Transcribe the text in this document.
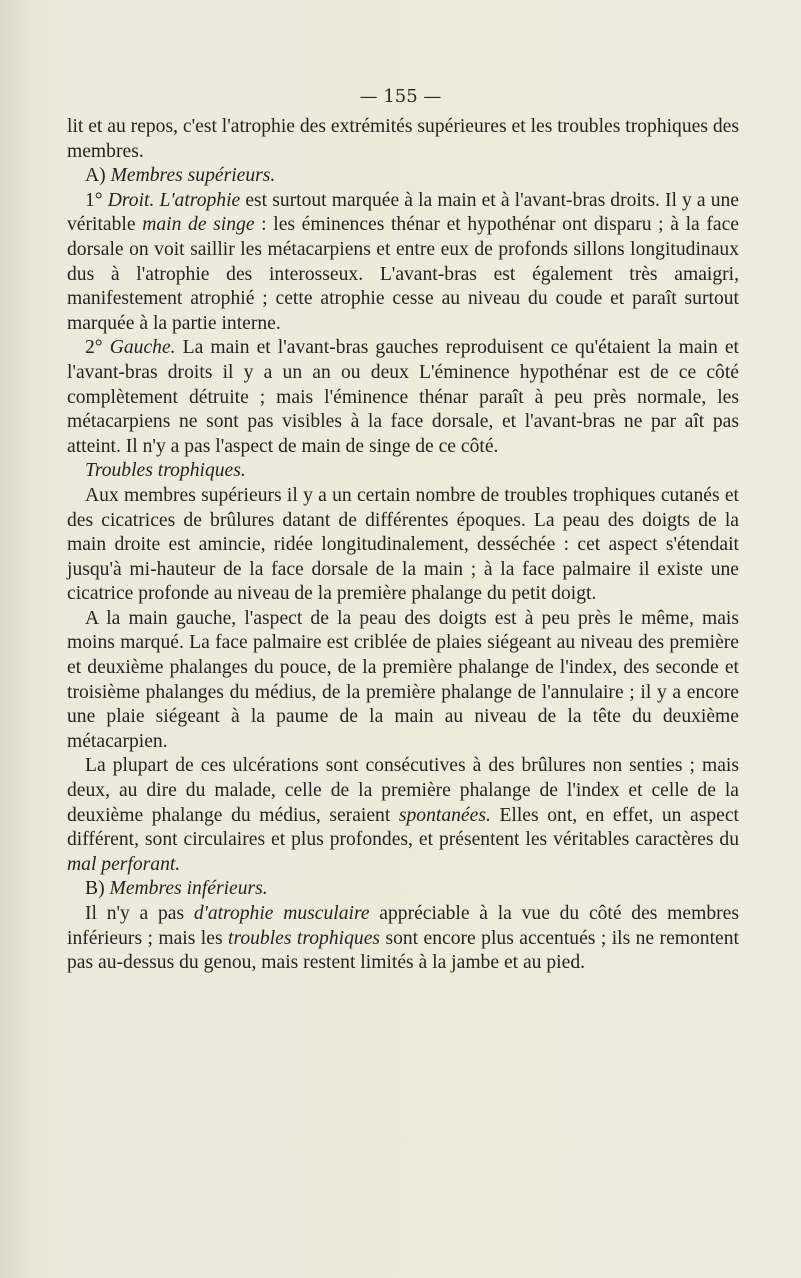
— 155 —

lit et au repos, c'est l'atrophie des extrémités supérieures et les troubles trophiques des membres.

A) Membres supérieurs.

1° Droit. L'atrophie est surtout marquée à la main et à l'avant-bras droits. Il y a une véritable main de singe : les éminences thénar et hypothénar ont disparu ; à la face dorsale on voit saillir les métacarpiens et entre eux de profonds sillons longitudinaux dus à l'atrophie des interosseux. L'avant-bras est également très amaigri, manifestement atrophié ; cette atrophie cesse au niveau du coude et paraît surtout marquée à la partie interne.

2° Gauche. La main et l'avant-bras gauches reproduisent ce qu'étaient la main et l'avant-bras droits il y a un an ou deux L'éminence hypothénar est de ce côté complètement détruite ; mais l'éminence thénar paraît à peu près normale, les métacarpiens ne sont pas visibles à la face dorsale, et l'avant-bras ne par aît pas atteint. Il n'y a pas l'aspect de main de singe de ce côté.

Troubles trophiques.

Aux membres supérieurs il y a un certain nombre de troubles trophiques cutanés et des cicatrices de brûlures datant de différentes époques. La peau des doigts de la main droite est amincie, ridée longitudinalement, desséchée : cet aspect s'étendait jusqu'à mi-hauteur de la face dorsale de la main ; à la face palmaire il existe une cicatrice profonde au niveau de la première phalange du petit doigt.

A la main gauche, l'aspect de la peau des doigts est à peu près le même, mais moins marqué. La face palmaire est criblée de plaies siégeant au niveau des première et deuxième phalanges du pouce, de la première phalange de l'index, des seconde et troisième phalanges du médius, de la première phalange de l'annulaire ; il y a encore une plaie siégeant à la paume de la main au niveau de la tête du deuxième métacarpien.

La plupart de ces ulcérations sont consécutives à des brûlures non senties ; mais deux, au dire du malade, celle de la première phalange de l'index et celle de la deuxième phalange du médius, seraient spontanées. Elles ont, en effet, un aspect différent, sont circulaires et plus profondes, et présentent les véritables caractères du mal perforant.

B) Membres inférieurs.

Il n'y a pas d'atrophie musculaire appréciable à la vue du côté des membres inférieurs ; mais les troubles trophiques sont encore plus accentués ; ils ne remontent pas au-dessus du genou, mais restent limités à la jambe et au pied.
